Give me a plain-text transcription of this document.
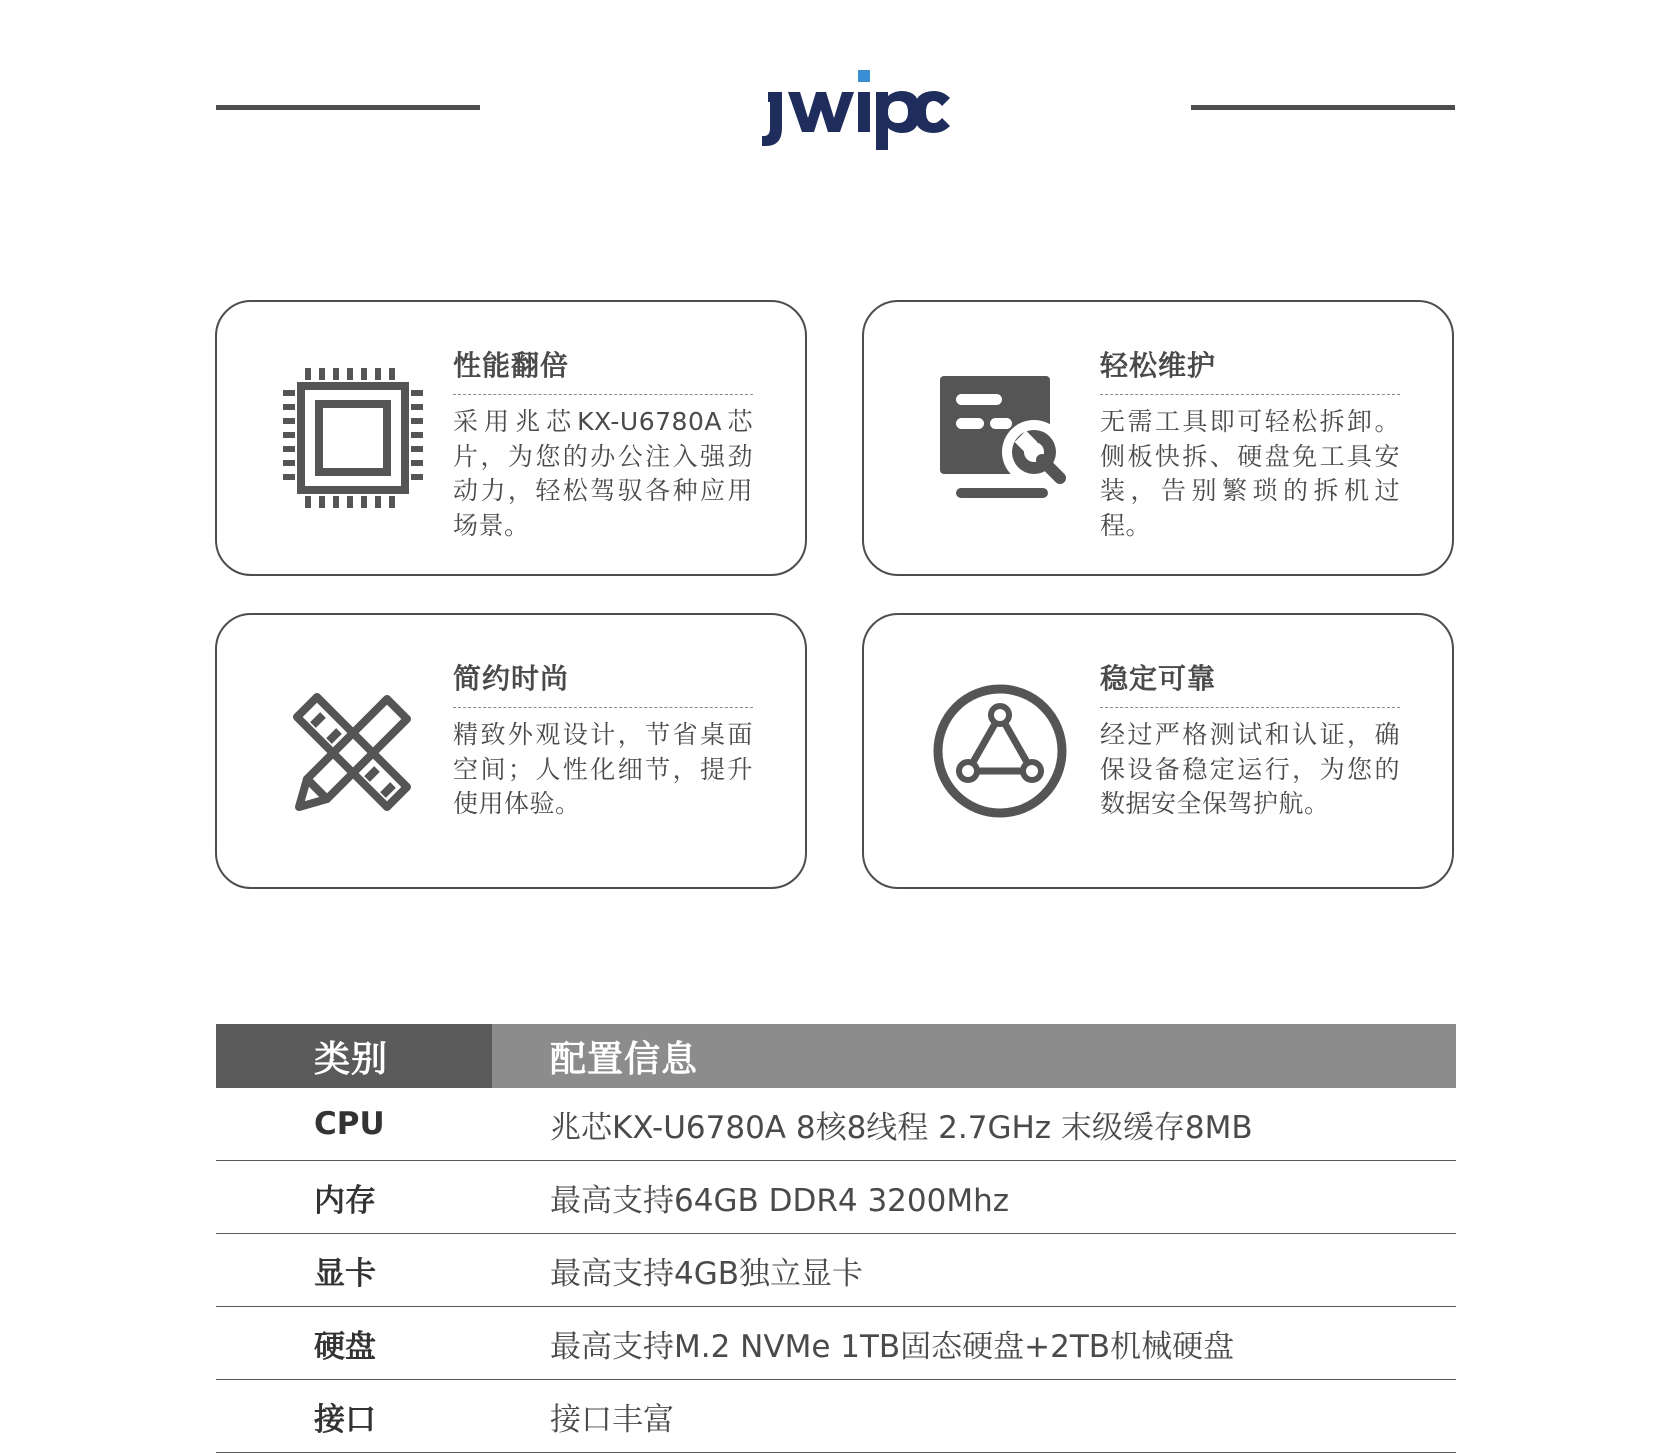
性能翻倍
采用兆芯KX-U6780A芯片，为您的办公注入强劲动力，轻松驾驭各种应用场景。
轻松维护
无需工具即可轻松拆卸。侧板快拆、硬盘免工具安装，告别繁琐的拆机过程。
简约时尚
精致外观设计，节省桌面空间；人性化细节，提升使用体验。
稳定可靠
经过严格测试和认证，确保设备稳定运行，为您的数据安全保驾护航。
类别	配置信息
CPU	兆芯KX-U6780A 8核8线程 2.7GHz 末级缓存8MB
内存	最高支持64GB DDR4 3200Mhz
显卡	最高支持4GB独立显卡
硬盘	最高支持M.2 NVMe 1TB固态硬盘+2TB机械硬盘
接口	接口丰富
